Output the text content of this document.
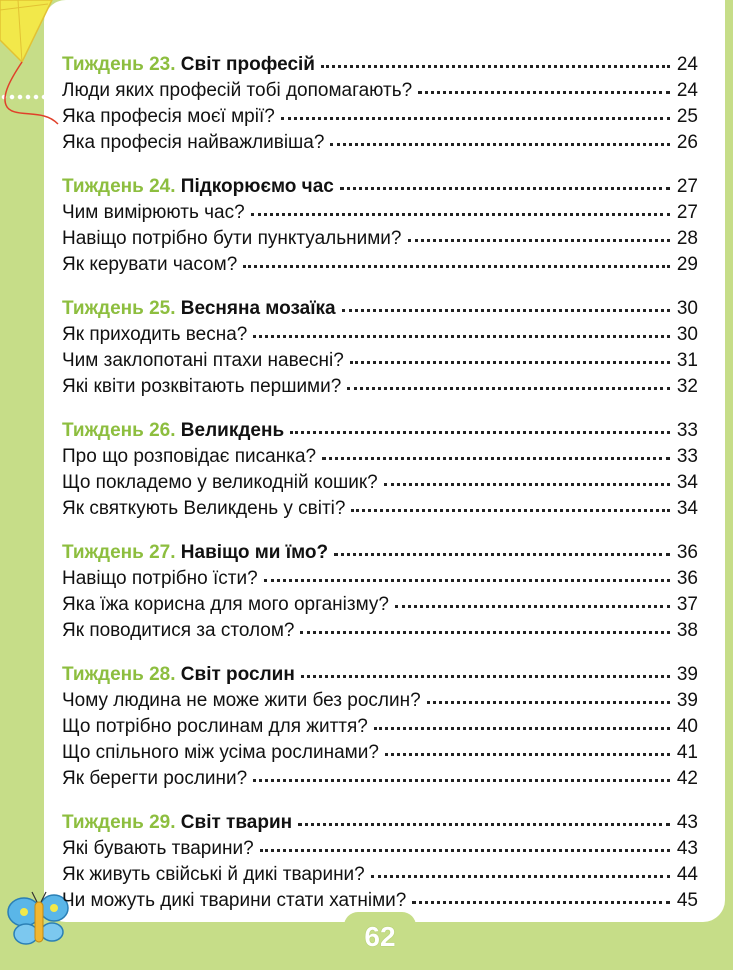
Тиждень 23. Світ професій	24
Люди яких професій тобі допомагають?	24
Яка професія моєї мрії?	25
Яка професія найважливіша?	26
Тиждень 24. Підкорюємо час	27
Чим вимірюють час?	27
Навіщо потрібно бути пунктуальними?	28
Як керувати часом?	29
Тиждень 25. Весняна мозаїка	30
Як приходить весна?	30
Чим заклопотані птахи навесні?	31
Які квіти розквітають першими?	32
Тиждень 26. Великдень	33
Про що розповідає писанка?	33
Що покладемо у великодній кошик?	34
Як святкують Великдень у світі?	34
Тиждень 27. Навіщо ми їмо?	36
Навіщо потрібно їсти?	36
Яка їжа корисна для мого організму?	37
Як поводитися за столом?	38
Тиждень 28. Світ рослин	39
Чому людина не може жити без рослин?	39
Що потрібно рослинам для життя?	40
Що спільного між усіма рослинами?	41
Як берегти рослини?	42
Тиждень 29. Світ тварин	43
Які бувають тварини?	43
Як живуть свійські й дикі тварини?	44
Чи можуть дикі тварини стати хатніми?	45
62
